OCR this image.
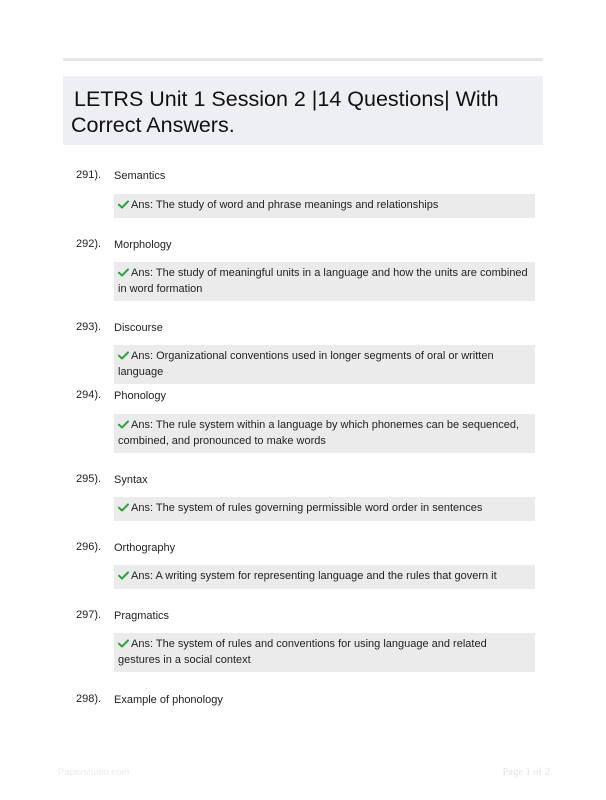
LETRS Unit 1 Session 2 |14 Questions| With
Correct Answers.
291). Semantics
Ans: The study of word and phrase meanings and relationships
292). Morphology
Ans: The study of meaningful units in a language and how the units are combined in word formation
293). Discourse
Ans: Organizational conventions used in longer segments of oral or written language
294). Phonology
Ans: The rule system within a language by which phonemes can be sequenced, combined, and pronounced to make words
295). Syntax
Ans: The system of rules governing permissible word order in sentences
296). Orthography
Ans: A writing system for representing language and the rules that govern it
297). Pragmatics
Ans: The system of rules and conventions for using language and related gestures in a social context
298). Example of phonology
Paperstudio.com	Page 1 of 2
